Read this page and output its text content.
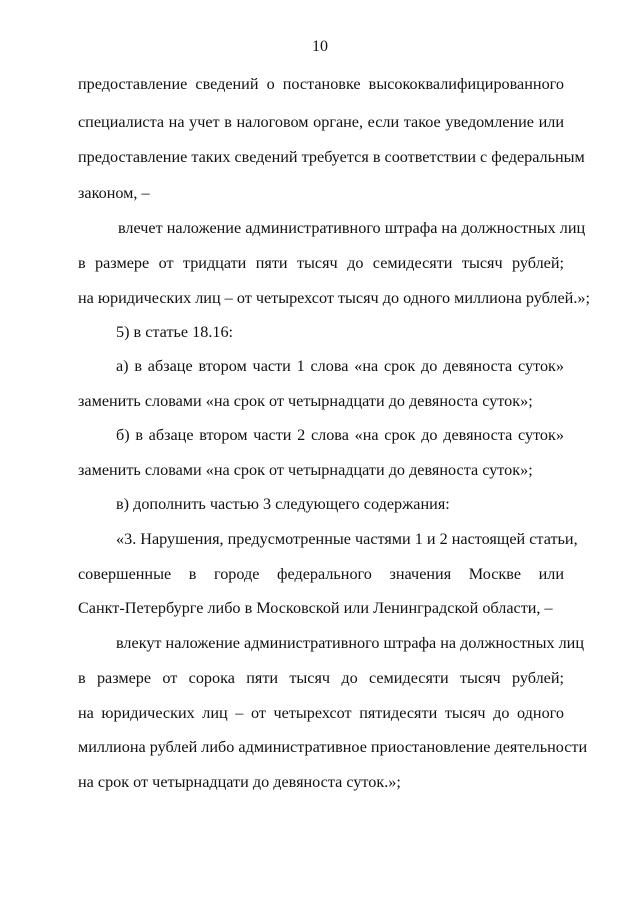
10
предоставление сведений о постановке высококвалифицированного
специалиста на учет в налоговом органе, если такое уведомление или
предоставление таких сведений требуется в соответствии с федеральным
законом, –
влечет наложение административного штрафа на должностных лиц
в размере от тридцати пяти тысяч до семидесяти тысяч рублей;
на юридических лиц – от четырехсот тысяч до одного миллиона рублей.»;
5) в статье 18.16:
а) в абзаце втором части 1 слова «на срок до девяноста суток»
заменить словами «на срок от четырнадцати до девяноста суток»;
б) в абзаце втором части 2 слова «на срок до девяноста суток»
заменить словами «на срок от четырнадцати до девяноста суток»;
в) дополнить частью 3 следующего содержания:
«3. Нарушения, предусмотренные частями 1 и 2 настоящей статьи,
совершенные в городе федерального значения Москве или
Санкт-Петербурге либо в Московской или Ленинградской области, –
влекут наложение административного штрафа на должностных лиц
в размере от сорока пяти тысяч до семидесяти тысяч рублей;
на юридических лиц – от четырехсот пятидесяти тысяч до одного
миллиона рублей либо административное приостановление деятельности
на срок от четырнадцати до девяноста суток.»;
